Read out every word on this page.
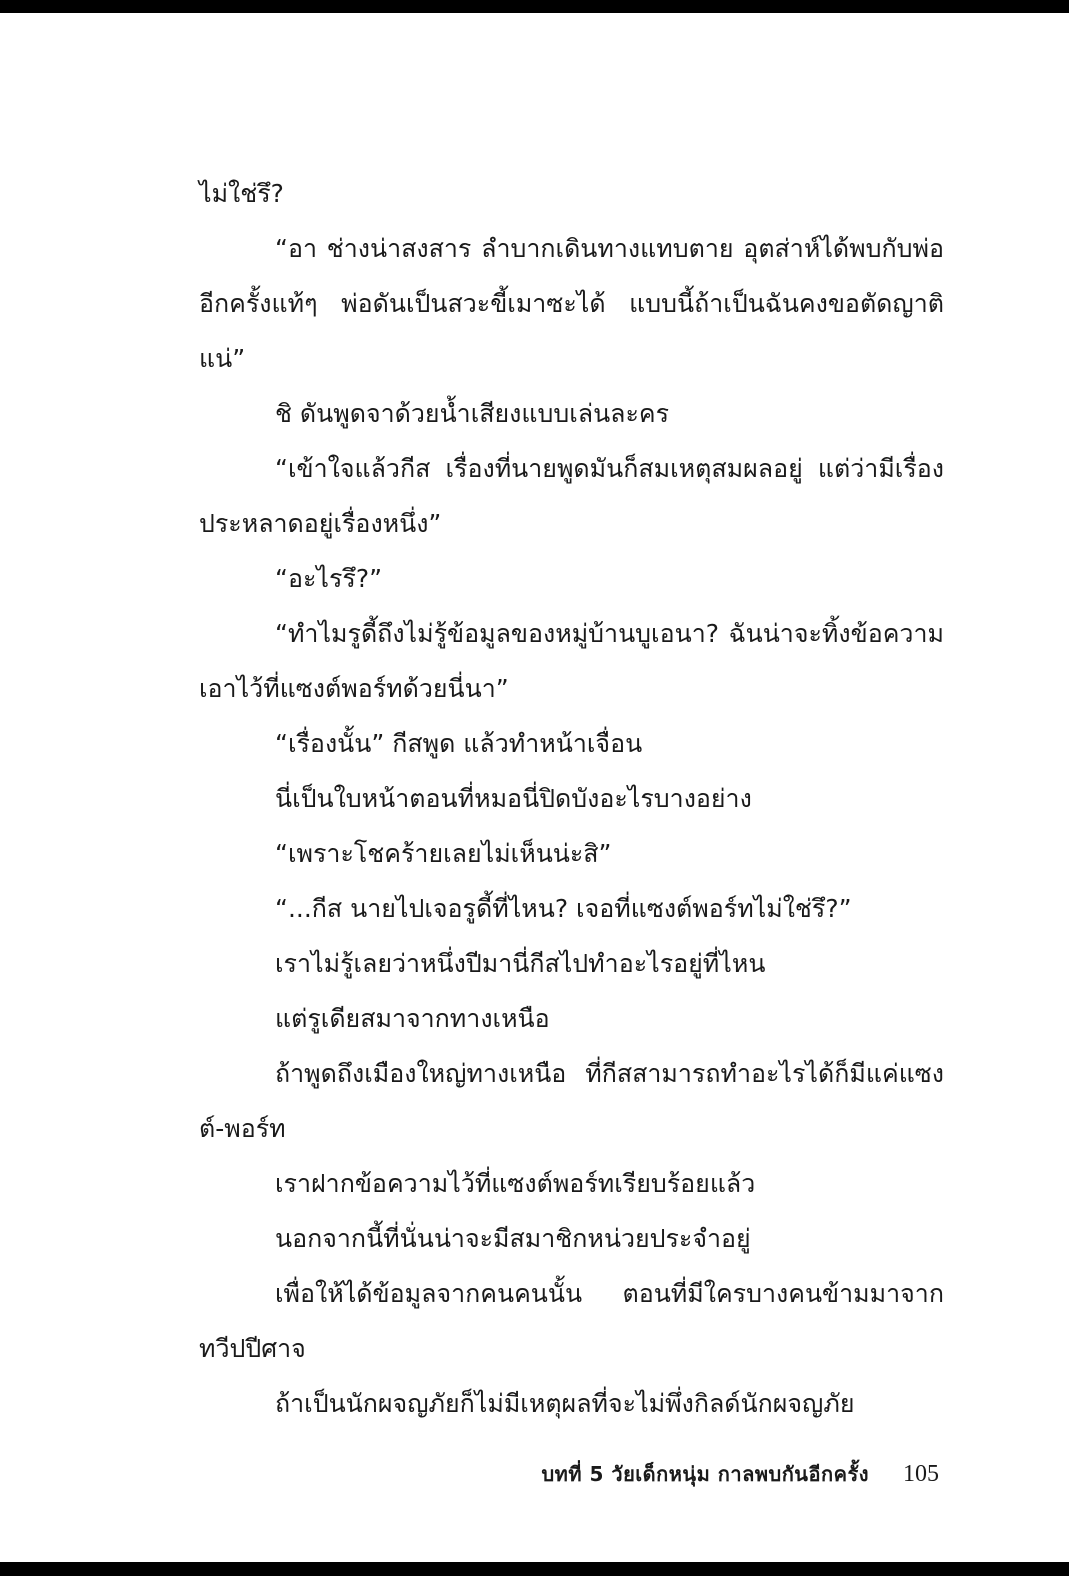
ไม่ใช่รึ?

“อา ช่างน่าสงสาร ลำบากเดินทางแทบตาย อุตส่าห์ได้พบกับพ่ออีกครั้งแท้ๆ พ่อดันเป็นสวะขี้เมาซะได้ แบบนี้ถ้าเป็นฉันคงขอตัดญาติแน่”

ชิ ดันพูดจาด้วยน้ำเสียงแบบเล่นละคร

“เข้าใจแล้วกีส เรื่องที่นายพูดมันก็สมเหตุสมผลอยู่ แต่ว่ามีเรื่องประหลาดอยู่เรื่องหนึ่ง”

“อะไรรึ?”

“ทำไมรูดี้ถึงไม่รู้ข้อมูลของหมู่บ้านบูเอนา? ฉันน่าจะทิ้งข้อความเอาไว้ที่แซงต์พอร์ทด้วยนี่นา”

“เรื่องนั้น” กีสพูด แล้วทำหน้าเจื่อน

นี่เป็นใบหน้าตอนที่หมอนี่ปิดบังอะไรบางอย่าง

“เพราะโชคร้ายเลยไม่เห็นน่ะสิ”

“...กีส นายไปเจอรูดี้ที่ไหน? เจอที่แซงต์พอร์ทไม่ใช่รึ?”

เราไม่รู้เลยว่าหนึ่งปีมานี่กีสไปทำอะไรอยู่ที่ไหน

แต่รูเดียสมาจากทางเหนือ

ถ้าพูดถึงเมืองใหญ่ทางเหนือ ที่กีสสามารถทำอะไรได้ก็มีแค่แซงต์-พอร์ท

เราฝากข้อความไว้ที่แซงต์พอร์ทเรียบร้อยแล้ว

นอกจากนี้ที่นั่นน่าจะมีสมาชิกหน่วยประจำอยู่

เพื่อให้ได้ข้อมูลจากคนคนนั้น ตอนที่มีใครบางคนข้ามมาจากทวีปปีศาจ

ถ้าเป็นนักผจญภัยก็ไม่มีเหตุผลที่จะไม่พึ่งกิลด์นักผจญภัย

บทที่ 5 วัยเด็กหนุ่ม กาลพบกันอีกครั้ง 105
